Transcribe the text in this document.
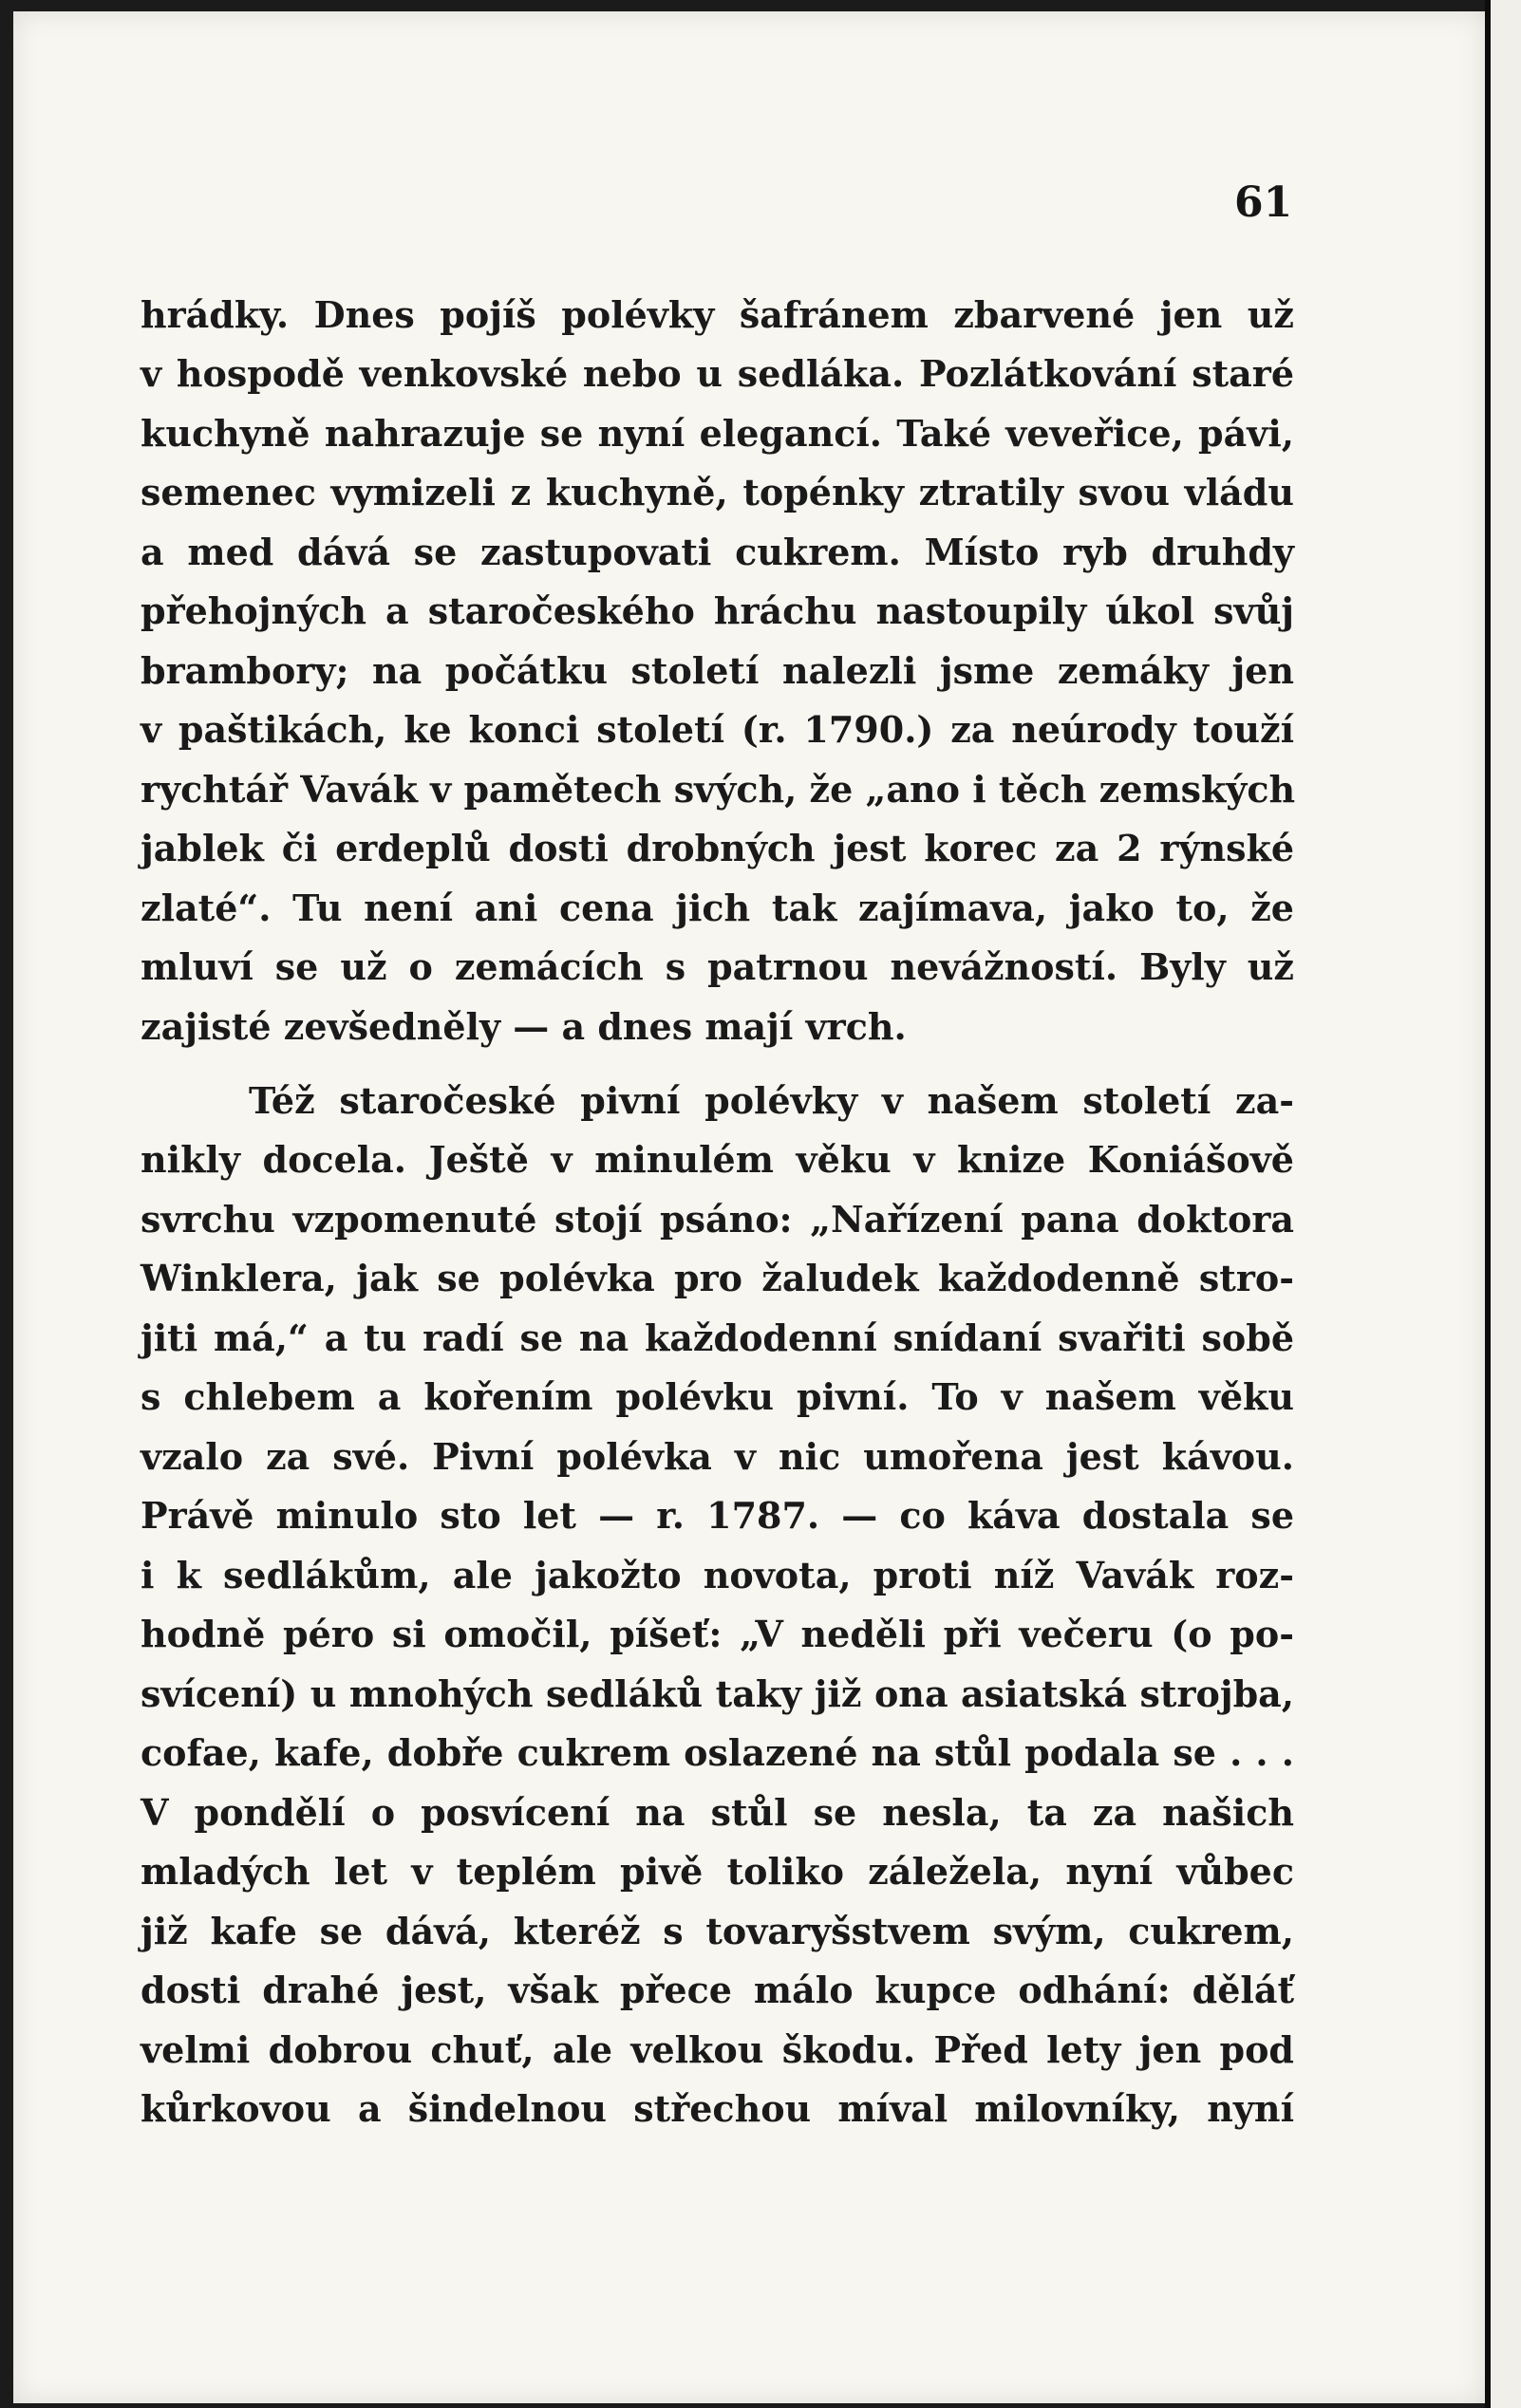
61
hrádky. Dnes pojíš polévky šafránem zbarvené jen už
v hospodě venkovské nebo u sedláka. Pozlátkování staré
kuchyně nahrazuje se nyní elegancí. Také veveřice, pávi,
semenec vymizeli z kuchyně, topénky ztratily svou vládu
a med dává se zastupovati cukrem. Místo ryb druhdy
přehojných a staročeského hráchu nastoupily úkol svůj
brambory; na počátku století nalezli jsme zemáky jen
v paštikách, ke konci století (r. 1790.) za neúrody touží
rychtář Vavák v pamětech svých, že „ano i těch zemských
jablek či erdeplů dosti drobných jest korec za 2 rýnské
zlaté“. Tu není ani cena jich tak zajímava, jako to, že
mluví se už o zemácích s patrnou nevážností. Byly už
zajisté zevšedněly — a dnes mají vrch.
Též staročeské pivní polévky v našem století za-
nikly docela. Ještě v minulém věku v knize Koniášově
svrchu vzpomenuté stojí psáno: „Nařízení pana doktora
Winklera, jak se polévka pro žaludek každodenně stro-
jiti má,“ a tu radí se na každodenní snídaní svařiti sobě
s chlebem a kořením polévku pivní. To v našem věku
vzalo za své. Pivní polévka v nic umořena jest kávou.
Právě minulo sto let — r. 1787. — co káva dostala se
i k sedlákům, ale jakožto novota, proti níž Vavák roz-
hodně péro si omočil, píšeť: „V neděli při večeru (o po-
svícení) u mnohých sedláků taky již ona asiatská strojba,
cofae, kafe, dobře cukrem oslazené na stůl podala se . . .
V pondělí o posvícení na stůl se nesla, ta za našich
mladých let v teplém pivě toliko záležela, nyní vůbec
již kafe se dává, kteréž s tovaryšstvem svým, cukrem,
dosti drahé jest, však přece málo kupce odhání: děláť
velmi dobrou chuť, ale velkou škodu. Před lety jen pod
kůrkovou a šindelnou střechou míval milovníky, nyní
